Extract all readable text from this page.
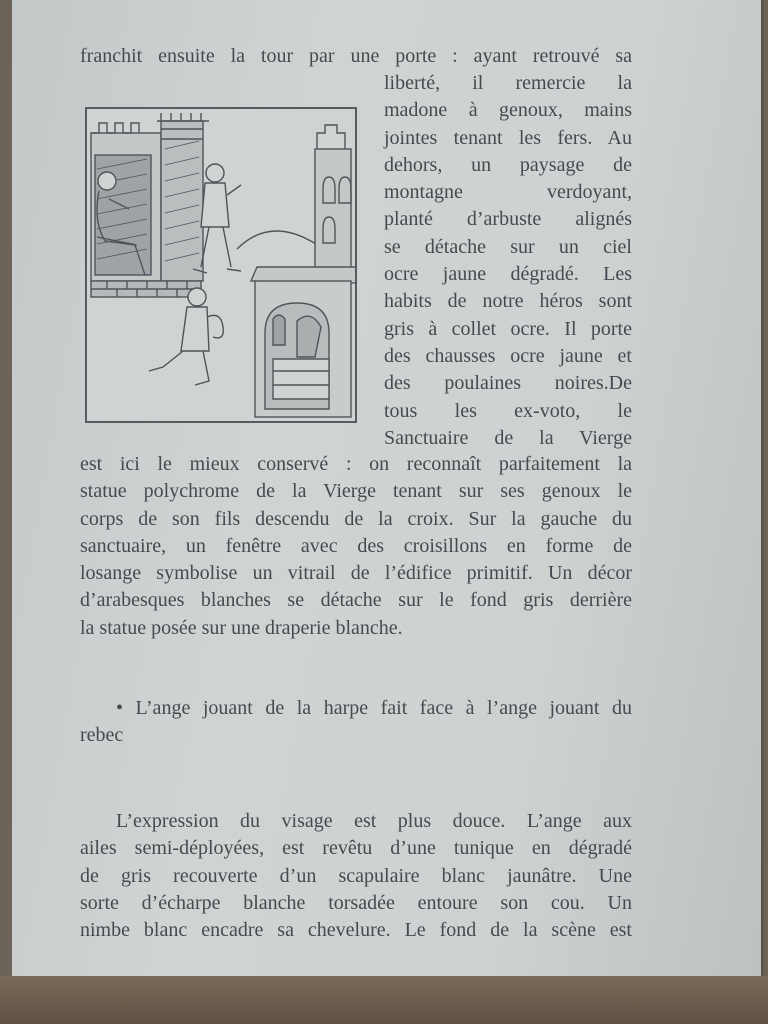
franchit ensuite la tour par une porte : ayant retrouvé sa
liberté, il remercie la
madone à genoux, mains
jointes tenant les fers. Au
dehors, un paysage de
montagne verdoyant,
planté d’arbuste alignés
se détache sur un ciel
ocre jaune dégradé. Les
habits de notre héros sont
gris à collet ocre. Il porte
des chausses ocre jaune et
des poulaines noires.De
tous les ex-voto, le
Sanctuaire de la Vierge
est ici le mieux conservé : on reconnaît parfaitement la
statue polychrome de la Vierge tenant sur ses genoux le
corps de son fils descendu de la croix. Sur la gauche du
sanctuaire, un fenêtre avec des croisillons en forme de
losange symbolise un vitrail de l’édifice primitif. Un décor
d’arabesques blanches se détache sur le fond gris derrière
la statue posée sur une draperie blanche.
• L’ange jouant de la harpe fait face à l’ange jouant du
rebec
L’expression du visage est plus douce. L’ange aux
ailes semi-déployées, est revêtu d’une tunique en dégradé
de gris recouverte d’un scapulaire blanc jaunâtre. Une
sorte d’écharpe blanche torsadée entoure son cou. Un
nimbe blanc encadre sa chevelure. Le fond de la scène est
